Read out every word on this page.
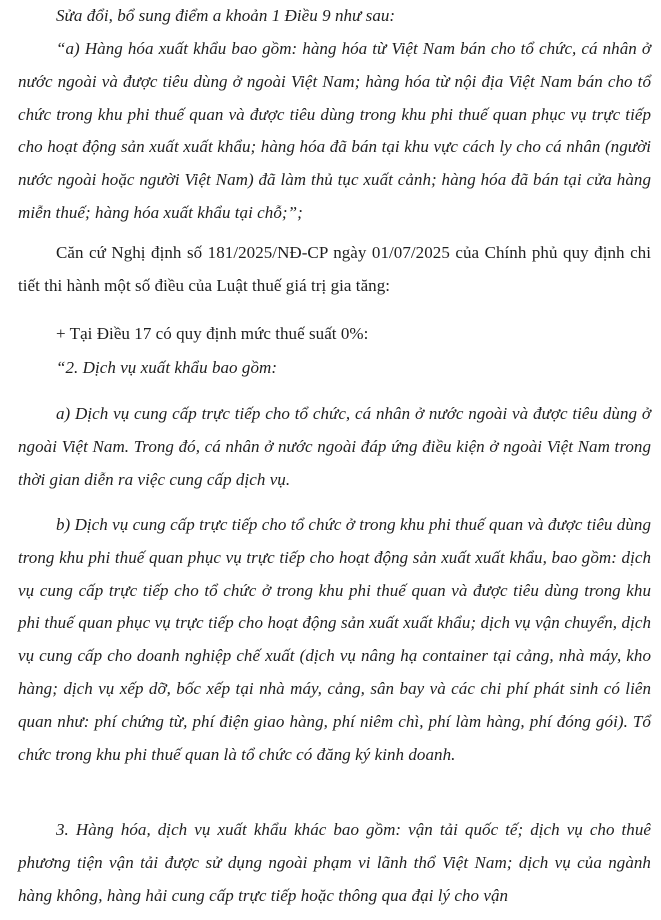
Sửa đổi, bổ sung điểm a khoản 1 Điều 9 như sau:

“a) Hàng hóa xuất khẩu bao gồm: hàng hóa từ Việt Nam bán cho tổ chức, cá nhân ở nước ngoài và được tiêu dùng ở ngoài Việt Nam; hàng hóa từ nội địa Việt Nam bán cho tổ chức trong khu phi thuế quan và được tiêu dùng trong khu phi thuế quan phục vụ trực tiếp cho hoạt động sản xuất xuất khẩu; hàng hóa đã bán tại khu vực cách ly cho cá nhân (người nước ngoài hoặc người Việt Nam) đã làm thủ tục xuất cảnh; hàng hóa đã bán tại cửa hàng miễn thuế; hàng hóa xuất khẩu tại chỗ;”;

Căn cứ Nghị định số 181/2025/NĐ-CP ngày 01/07/2025 của Chính phủ quy định chi tiết thi hành một số điều của Luật thuế giá trị gia tăng:

+ Tại Điều 17 có quy định mức thuế suất 0%:

“2. Dịch vụ xuất khẩu bao gồm:

a) Dịch vụ cung cấp trực tiếp cho tổ chức, cá nhân ở nước ngoài và được tiêu dùng ở ngoài Việt Nam. Trong đó, cá nhân ở nước ngoài đáp ứng điều kiện ở ngoài Việt Nam trong thời gian diễn ra việc cung cấp dịch vụ.

b) Dịch vụ cung cấp trực tiếp cho tổ chức ở trong khu phi thuế quan và được tiêu dùng trong khu phi thuế quan phục vụ trực tiếp cho hoạt động sản xuất xuất khẩu, bao gồm: dịch vụ cung cấp trực tiếp cho tổ chức ở trong khu phi thuế quan và được tiêu dùng trong khu phi thuế quan phục vụ trực tiếp cho hoạt động sản xuất xuất khẩu; dịch vụ vận chuyển, dịch vụ cung cấp cho doanh nghiệp chế xuất (dịch vụ nâng hạ container tại cảng, nhà máy, kho hàng; dịch vụ xếp dỡ, bốc xếp tại nhà máy, cảng, sân bay và các chi phí phát sinh có liên quan như: phí chứng từ, phí điện giao hàng, phí niêm chì, phí làm hàng, phí đóng gói). Tổ chức trong khu phi thuế quan là tổ chức có đăng ký kinh doanh.

3. Hàng hóa, dịch vụ xuất khẩu khác bao gồm: vận tải quốc tế; dịch vụ cho thuê phương tiện vận tải được sử dụng ngoài phạm vi lãnh thổ Việt Nam; dịch vụ của ngành hàng không, hàng hải cung cấp trực tiếp hoặc thông qua đại lý cho vận
